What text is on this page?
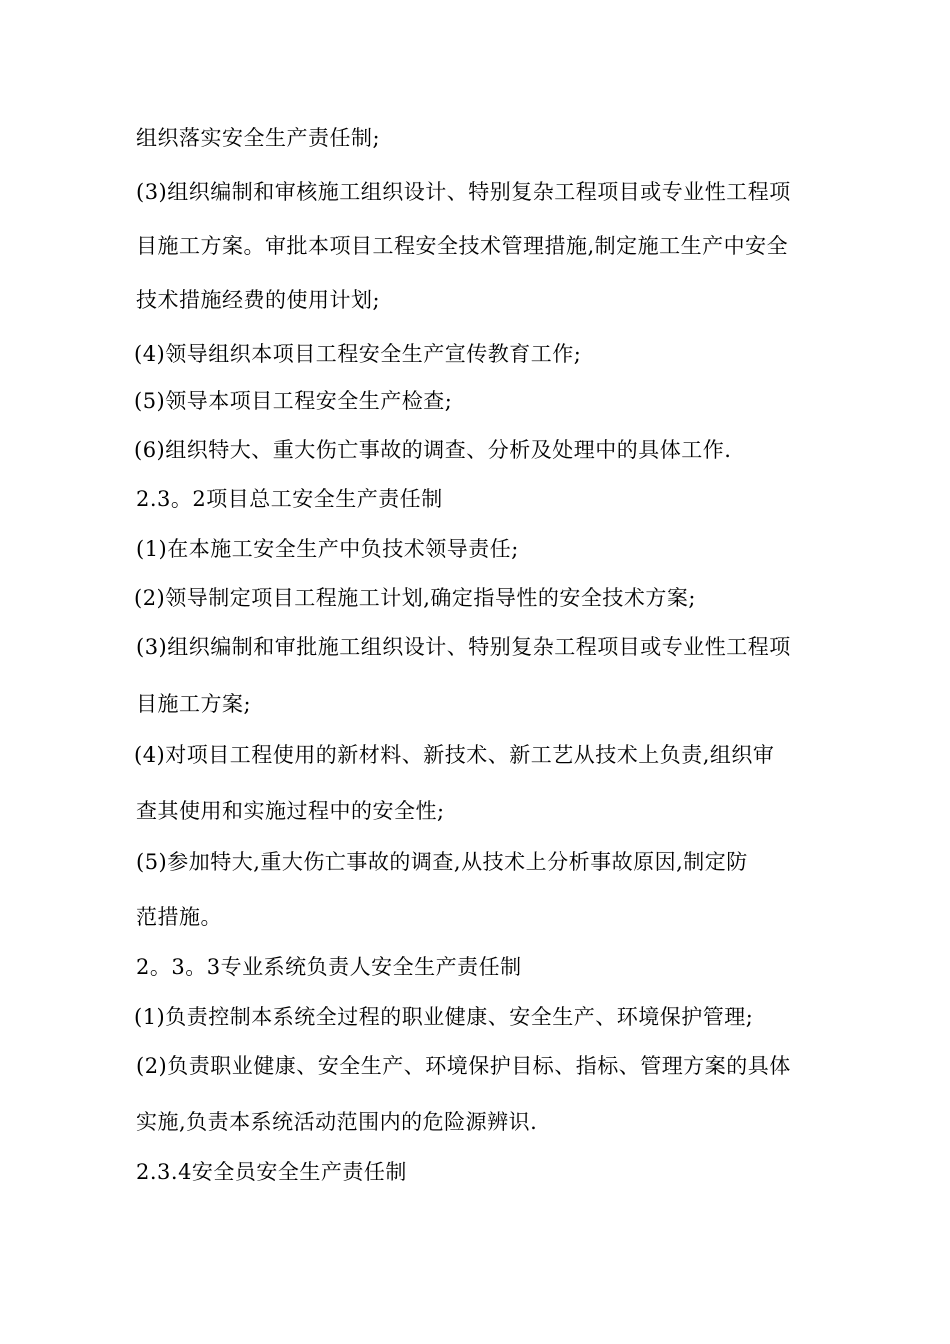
组织落实安全生产责任制;
(3)组织编制和审核施工组织设计、特别复杂工程项目或专业性工程项
目施工方案。审批本项目工程安全技术管理措施,制定施工生产中安全
技术措施经费的使用计划;
(4)领导组织本项目工程安全生产宣传教育工作;
(5)领导本项目工程安全生产检查;
(6)组织特大、重大伤亡事故的调查、分析及处理中的具体工作.
2.3。2项目总工安全生产责任制
(1)在本施工安全生产中负技术领导责任;
(2)领导制定项目工程施工计划,确定指导性的安全技术方案;
(3)组织编制和审批施工组织设计、特别复杂工程项目或专业性工程项
目施工方案;
(4)对项目工程使用的新材料、新技术、新工艺从技术上负责,组织审
查其使用和实施过程中的安全性;
(5)参加特大,重大伤亡事故的调查,从技术上分析事故原因,制定防
范措施。
2。3。3专业系统负责人安全生产责任制
(1)负责控制本系统全过程的职业健康、安全生产、环境保护管理;
(2)负责职业健康、安全生产、环境保护目标、指标、管理方案的具体
实施,负责本系统活动范围内的危险源辨识.
2.3.4安全员安全生产责任制
